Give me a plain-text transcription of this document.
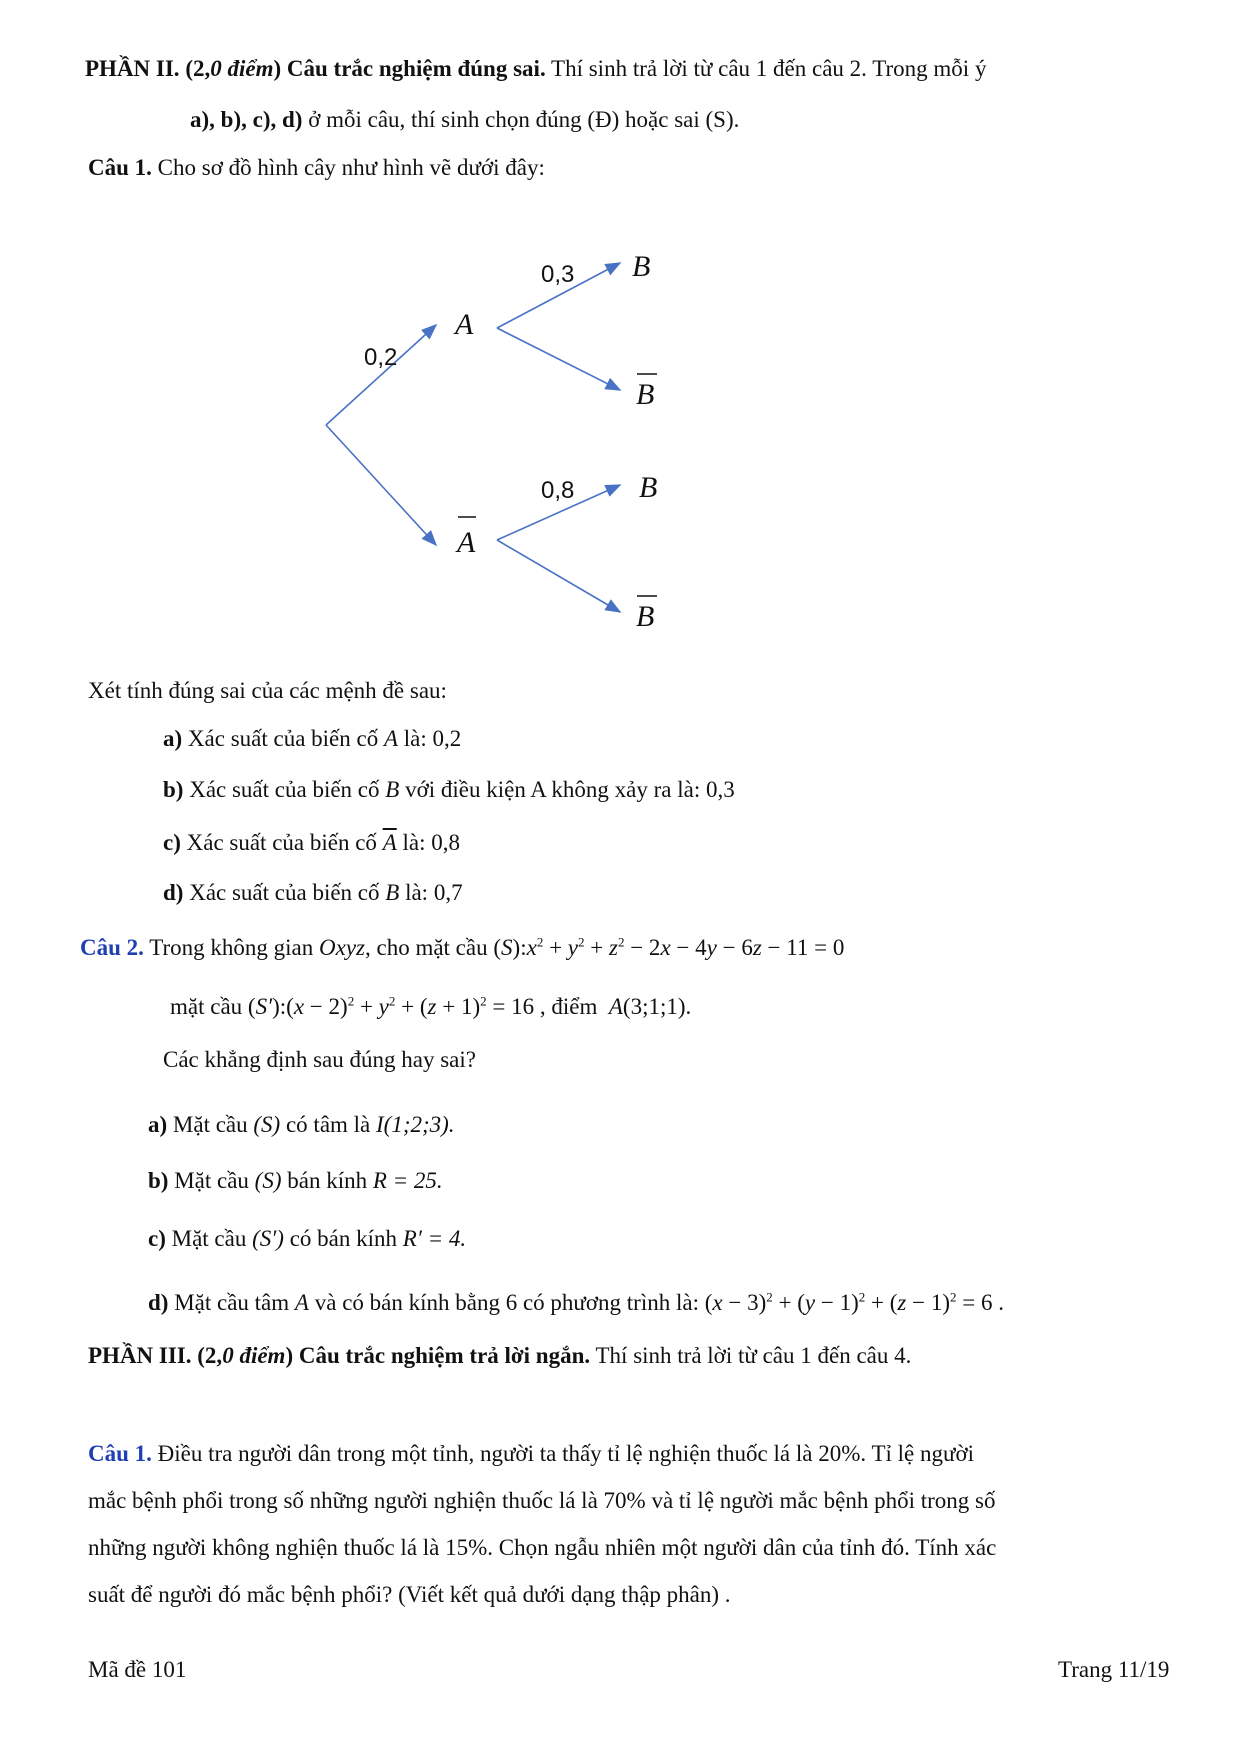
PHẦN II. (2,0 điểm) Câu trắc nghiệm đúng sai. Thí sinh trả lời từ câu 1 đến câu 2. Trong mỗi ý
a), b), c), d) ở mỗi câu, thí sinh chọn đúng (Đ) hoặc sai (S).
Câu 1. Cho sơ đồ hình cây như hình vẽ dưới đây:
0,2
0,3
0,8
A
A
B
B
B
B
Xét tính đúng sai của các mệnh đề sau:
a) Xác suất của biến cố A là: 0,2
b) Xác suất của biến cố B với điều kiện A không xảy ra là: 0,3
c) Xác suất của biến cố $\overline{A}$ là: 0,8
d) Xác suất của biến cố B là: 0,7
Câu 2. Trong không gian Oxyz, cho mặt cầu $(S):x^2 + y^2 + z^2 - 2x - 4y - 6z - 11 = 0$
mặt cầu (S′):(x − $2)^2 + y^2 + (z + 1)^2 = 16$ , điểm A(3;1;1).
Các khẳng định sau đúng hay sai?
a) Mặt cầu (S) có tâm là I(1;2;3).
b) Mặt cầu (S) bán kính R = 25.
c) Mặt cầu (S′) có bán kính R′ = 4.
d) Mặt cầu tâm A và có bán kính bằng 6 có phương trình là: $(x - 3)^2 + (y - 1)^2 + (z - 1)^2 = 6$ .
PHẦN III. (2,0 điểm) Câu trắc nghiệm trả lời ngắn. Thí sinh trả lời từ câu 1 đến câu 4.
Câu 1. Điều tra người dân trong một tỉnh, người ta thấy tỉ lệ nghiện thuốc lá là 20%. Tỉ lệ người
mắc bệnh phổi trong số những người nghiện thuốc lá là 70% và tỉ lệ người mắc bệnh phổi trong số
những người không nghiện thuốc lá là 15%. Chọn ngẫu nhiên một người dân của tỉnh đó. Tính xác
suất để người đó mắc bệnh phổi? (Viết kết quả dưới dạng thập phân) .
Mã đề 101	Trang 11/19
